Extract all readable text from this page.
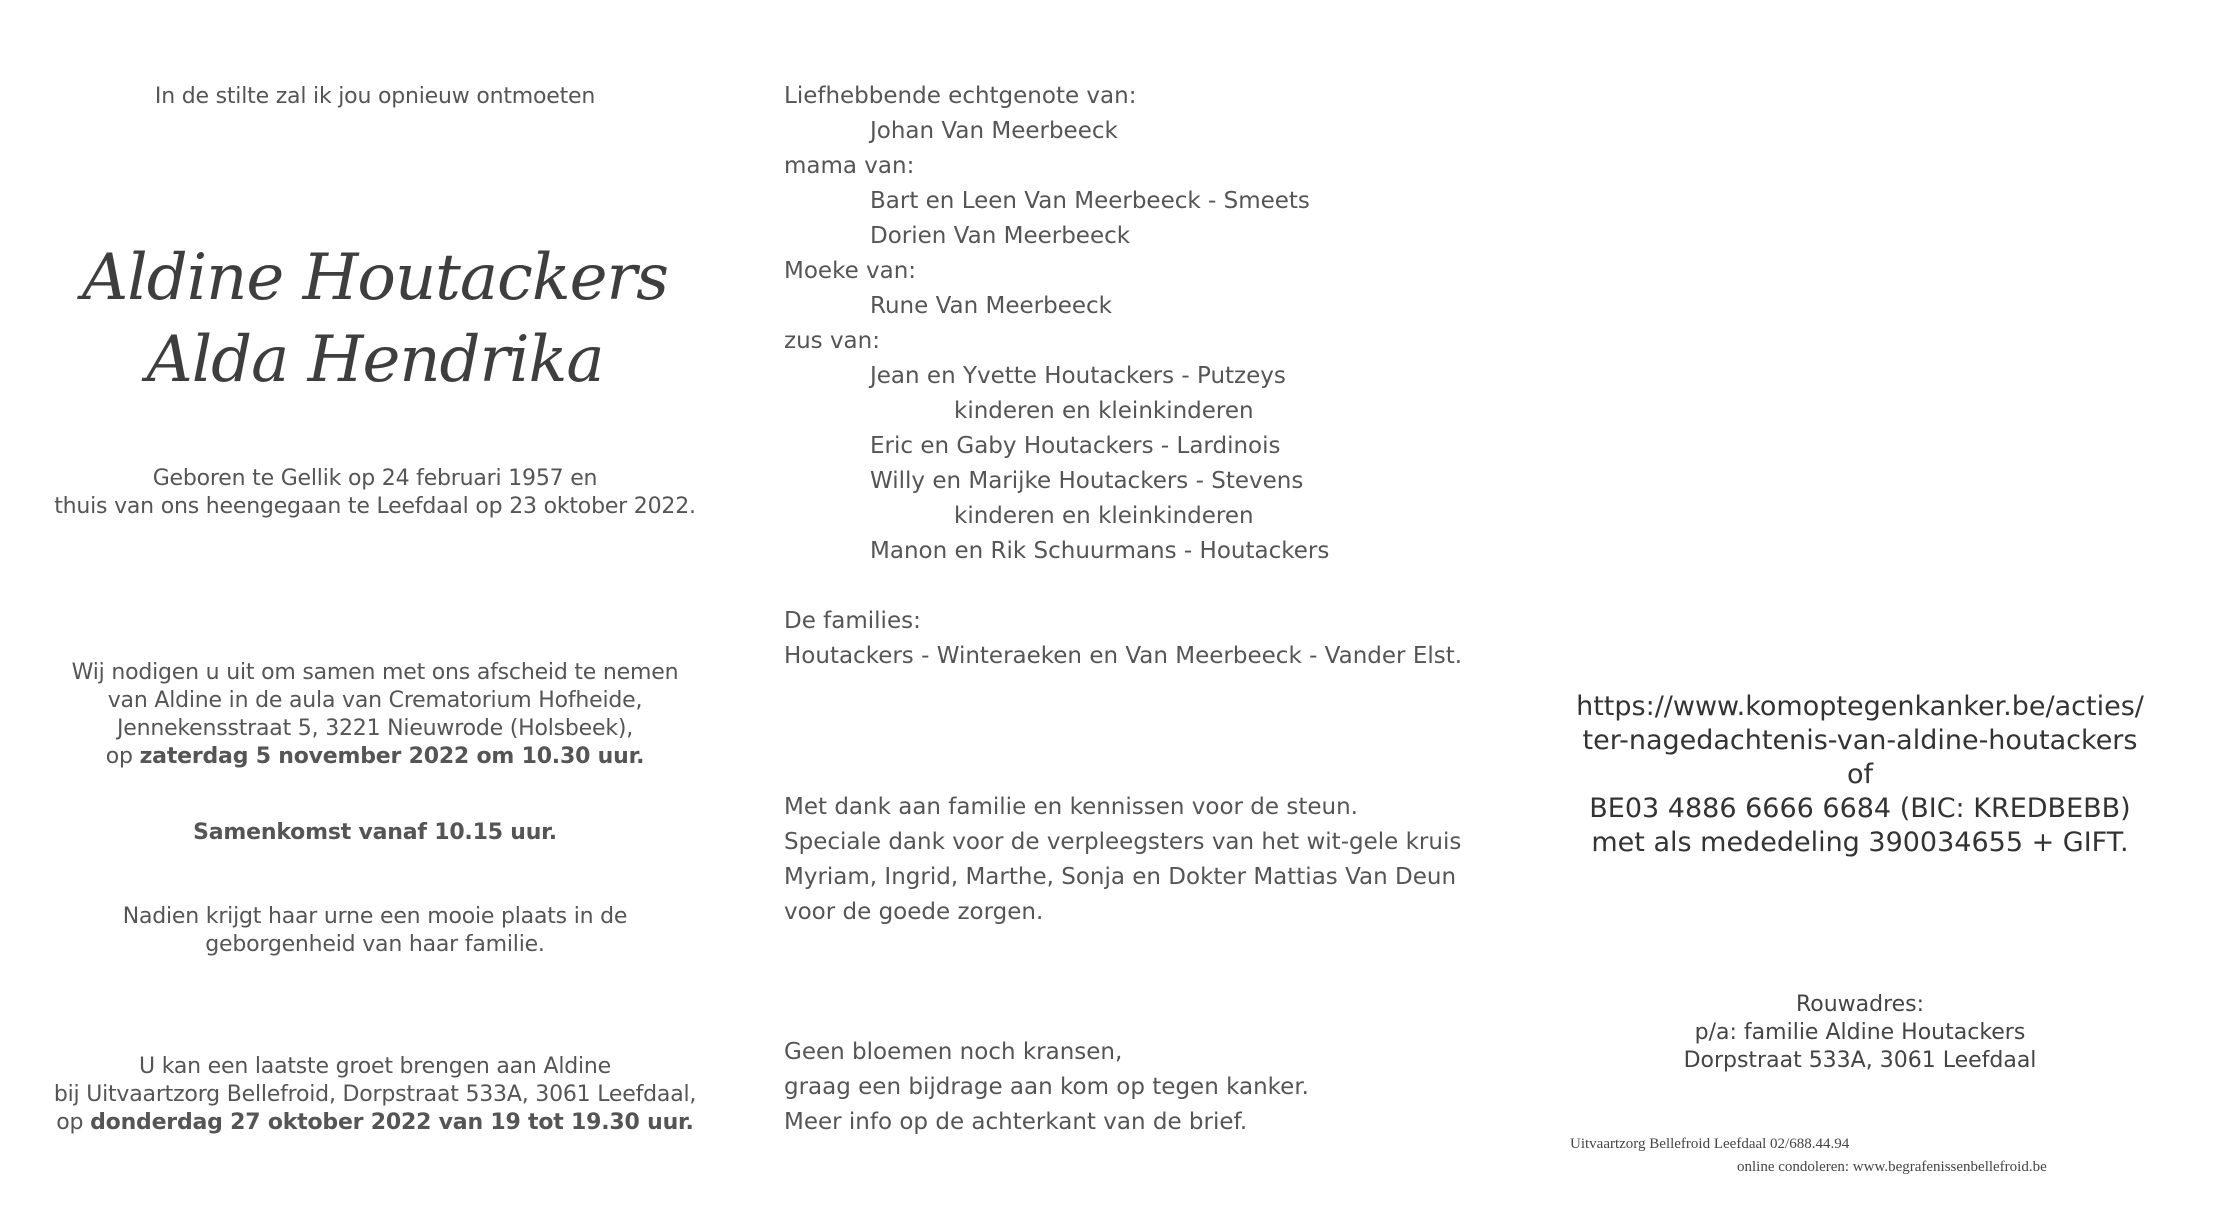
In de stilte zal ik jou opnieuw ontmoeten
Aldine Houtackers
Alda Hendrika

Geboren te Gellik op 24 februari 1957 en

thuis van ons heengegaan te Leefdaal op 23 oktober 2022.

Wij nodigen u uit om samen met ons afscheid te nemen

van Aldine in de aula van Crematorium Hofheide,

Jennekensstraat 5, 3221 Nieuwrode (Holsbeek),

op zaterdag 5 november 2022 om 10.30 uur.

Samenkomst vanaf 10.15 uur.

Nadien krijgt haar urne een mooie plaats in de

geborgenheid van haar familie.

U kan een laatste groet brengen aan Aldine

bij Uitvaartzorg Bellefroid, Dorpstraat 533A, 3061 Leefdaal,

op donderdag 27 oktober 2022 van 19 tot 19.30 uur.

Liefhebbende echtgenote van:
Johan Van Meerbeeck
mama van:
Bart en Leen Van Meerbeeck - Smeets
Dorien Van Meerbeeck
Moeke van:
Rune Van Meerbeeck
zus van:
Jean en Yvette Houtackers - Putzeys
kinderen en kleinkinderen
Eric en Gaby Houtackers - Lardinois
Willy en Marijke Houtackers - Stevens
kinderen en kleinkinderen
Manon en Rik Schuurmans - Houtackers
De families:
Houtackers - Winteraeken en Van Meerbeeck - Vander Elst.
Met dank aan familie en kennissen voor de steun.
Speciale dank voor de verpleegsters van het wit-gele kruis
Myriam, Ingrid, Marthe, Sonja en Dokter Mattias Van Deun
voor de goede zorgen.
Geen bloemen noch kransen,
graag een bijdrage aan kom op tegen kanker.
Meer info op de achterkant van de brief.

https://www.komoptegenkanker.be/acties/

ter-nagedachtenis-van-aldine-houtackers

of

BE03 4886 6666 6684 (BIC: KREDBEBB)

met als mededeling 390034655 + GIFT.

Rouwadres:

p/a: familie Aldine Houtackers

Dorpstraat 533A, 3061 Leefdaal

Uitvaartzorg Bellefroid Leefdaal 02/688.44.94
online condoleren: www.begrafenissenbellefroid.be
